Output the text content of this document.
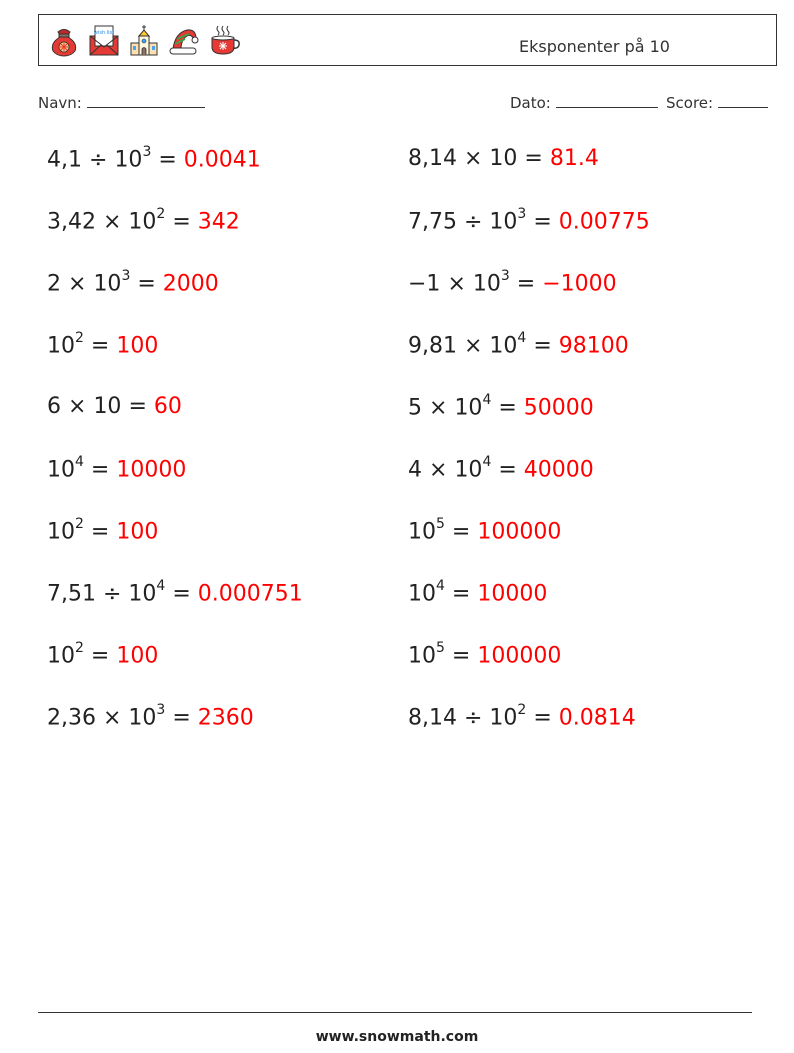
wish list
Eksponenter på 10
Navn:	Dato:	Score:
$4,1 \div 10^3 = 0.0041$
$3,42 \times 10^2 = 342$
$2 \times 10^3 = 2000$
$10^2 = 100$
6 × 10 = 60
$10^4 = 10000$
$10^2 = 100$
$7,51 \div 10^4 = 0.000751$
$10^2 = 100$
$2,36 \times 10^3 = 2360$
8,14 × 10 = 81.4
$7,75 \div 10^3 = 0.00775$
$-1 \times 10^3 = -1000$
$9,81 \times 10^4 = 98100$
$5 \times 10^4 = 50000$
$4 \times 10^4 = 40000$
$10^5 = 100000$
$10^4 = 10000$
$10^5 = 100000$
$8,14 \div 10^2 = 0.0814$
www.snowmath.com
